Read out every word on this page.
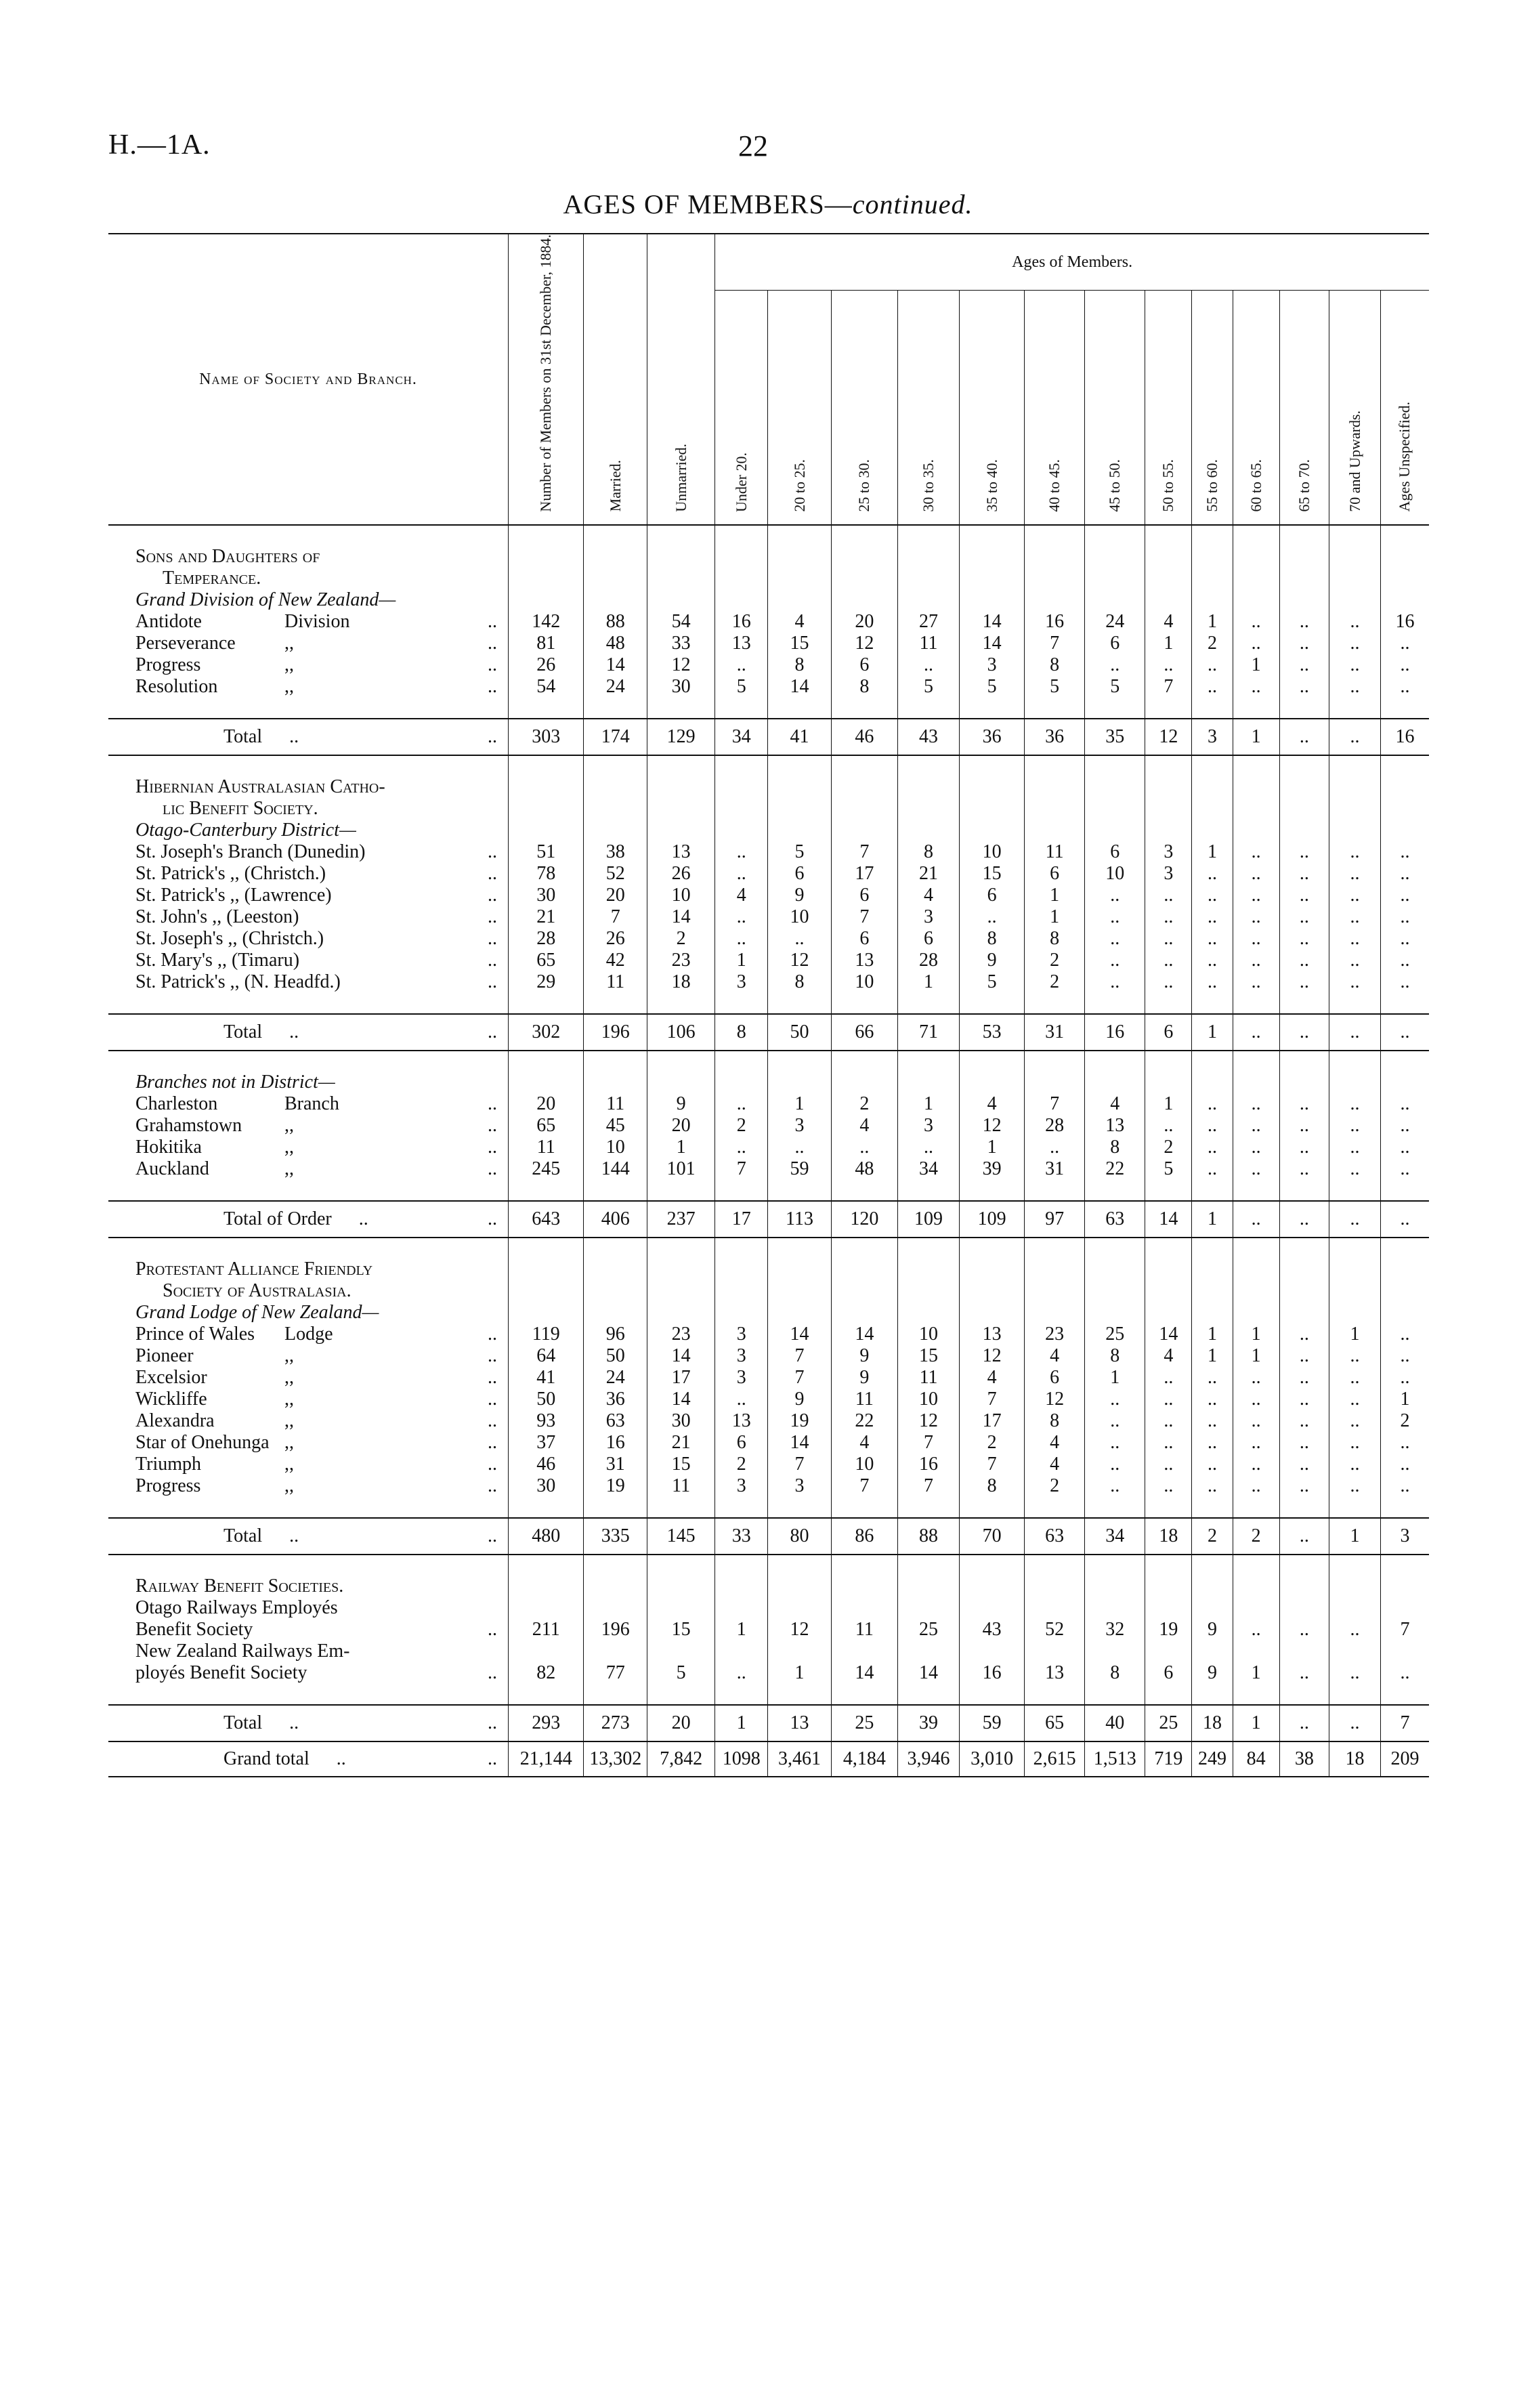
H.—1A.	22
AGES OF MEMBERS—continued.
Name of Society and Branch.	Number of Members on 31st December, 1884.	Married.	Unmarried.	Ages of Members.												
				Under 20.	20 to 25.	25 to 30.	30 to 35.	35 to 40.	40 to 45.	45 to 50.	50 to 55.	55 to 60.	60 to 65.	65 to 70.	70 and Upwards.	Ages Unspecified.

Sons and Daughters of																
Temperance.																
Grand Division of New Zealand—																
Antidote Division ..	142	88	54	16	4	20	27	14	16	24	4	1	..	..	..	16
Perseverance ,, ..	81	48	33	13	15	12	11	14	7	6	1	2	..	..	..	..
Progress ,, ..	26	14	12	..	8	6	..	3	8	..	..	..	1	..	..	..
Resolution ,, ..	54	24	30	5	14	8	5	5	5	5	7	..	..	..	..	..

Total .. ..	303	174	129	34	41	46	43	36	36	35	12	3	1	..	..	16

Hibernian Australasian Catho-																
lic Benefit Society.																
Otago-Canterbury District—																
St. Joseph's Branch (Dunedin) ..	51	38	13	..	5	7	8	10	11	6	3	1	..	..	..	..
St. Patrick's ,, (Christch.) ..	78	52	26	..	6	17	21	15	6	10	3	..	..	..	..	..
St. Patrick's ,, (Lawrence) ..	30	20	10	4	9	6	4	6	1	..	..	..	..	..	..	..
St. John's ,, (Leeston) ..	21	7	14	..	10	7	3	..	1	..	..	..	..	..	..	..
St. Joseph's ,, (Christch.) ..	28	26	2	..	..	6	6	8	8	..	..	..	..	..	..	..
St. Mary's ,, (Timaru) ..	65	42	23	1	12	13	28	9	2	..	..	..	..	..	..	..
St. Patrick's ,, (N. Headfd.) ..	29	11	18	3	8	10	1	5	2	..	..	..	..	..	..	..

Total .. ..	302	196	106	8	50	66	71	53	31	16	6	1	..	..	..	..

Branches not in District—																
Charleston Branch ..	20	11	9	..	1	2	1	4	7	4	1	..	..	..	..	..
Grahamstown ,, ..	65	45	20	2	3	4	3	12	28	13	..	..	..	..	..	..
Hokitika ,, ..	11	10	1	..	..	..	..	1	..	8	2	..	..	..	..	..
Auckland ,, ..	245	144	101	7	59	48	34	39	31	22	5	..	..	..	..	..

Total of Order .. ..	643	406	237	17	113	120	109	109	97	63	14	1	..	..	..	..

Protestant Alliance Friendly																
Society of Australasia.																
Grand Lodge of New Zealand—																
Prince of Wales Lodge ..	119	96	23	3	14	14	10	13	23	25	14	1	1	..	1	..
Pioneer ,, ..	64	50	14	3	7	9	15	12	4	8	4	1	1	..	..	..
Excelsior ,, ..	41	24	17	3	7	9	11	4	6	1	..	..	..	..	..	..
Wickliffe ,, ..	50	36	14	..	9	11	10	7	12	..	..	..	..	..	..	1
Alexandra ,, ..	93	63	30	13	19	22	12	17	8	..	..	..	..	..	..	2
Star of Onehunga ,, ..	37	16	21	6	14	4	7	2	4	..	..	..	..	..	..	..
Triumph ,, ..	46	31	15	2	7	10	16	7	4	..	..	..	..	..	..	..
Progress ,, ..	30	19	11	3	3	7	7	8	2	..	..	..	..	..	..	..

Total .. ..	480	335	145	33	80	86	88	70	63	34	18	2	2	..	1	3

Railway Benefit Societies.																
Otago Railways Employés																
Benefit Society ..	211	196	15	1	12	11	25	43	52	32	19	9	..	..	..	7
New Zealand Railways Em-																
ployés Benefit Society ..	82	77	5	..	1	14	14	16	13	8	6	9	1	..	..	..

Total .. ..	293	273	20	1	13	25	39	59	65	40	25	18	1	..	..	7
Grand total .. ..	21,144	13,302	7,842	1098	3,461	4,184	3,946	3,010	2,615	1,513	719	249	84	38	18	209
